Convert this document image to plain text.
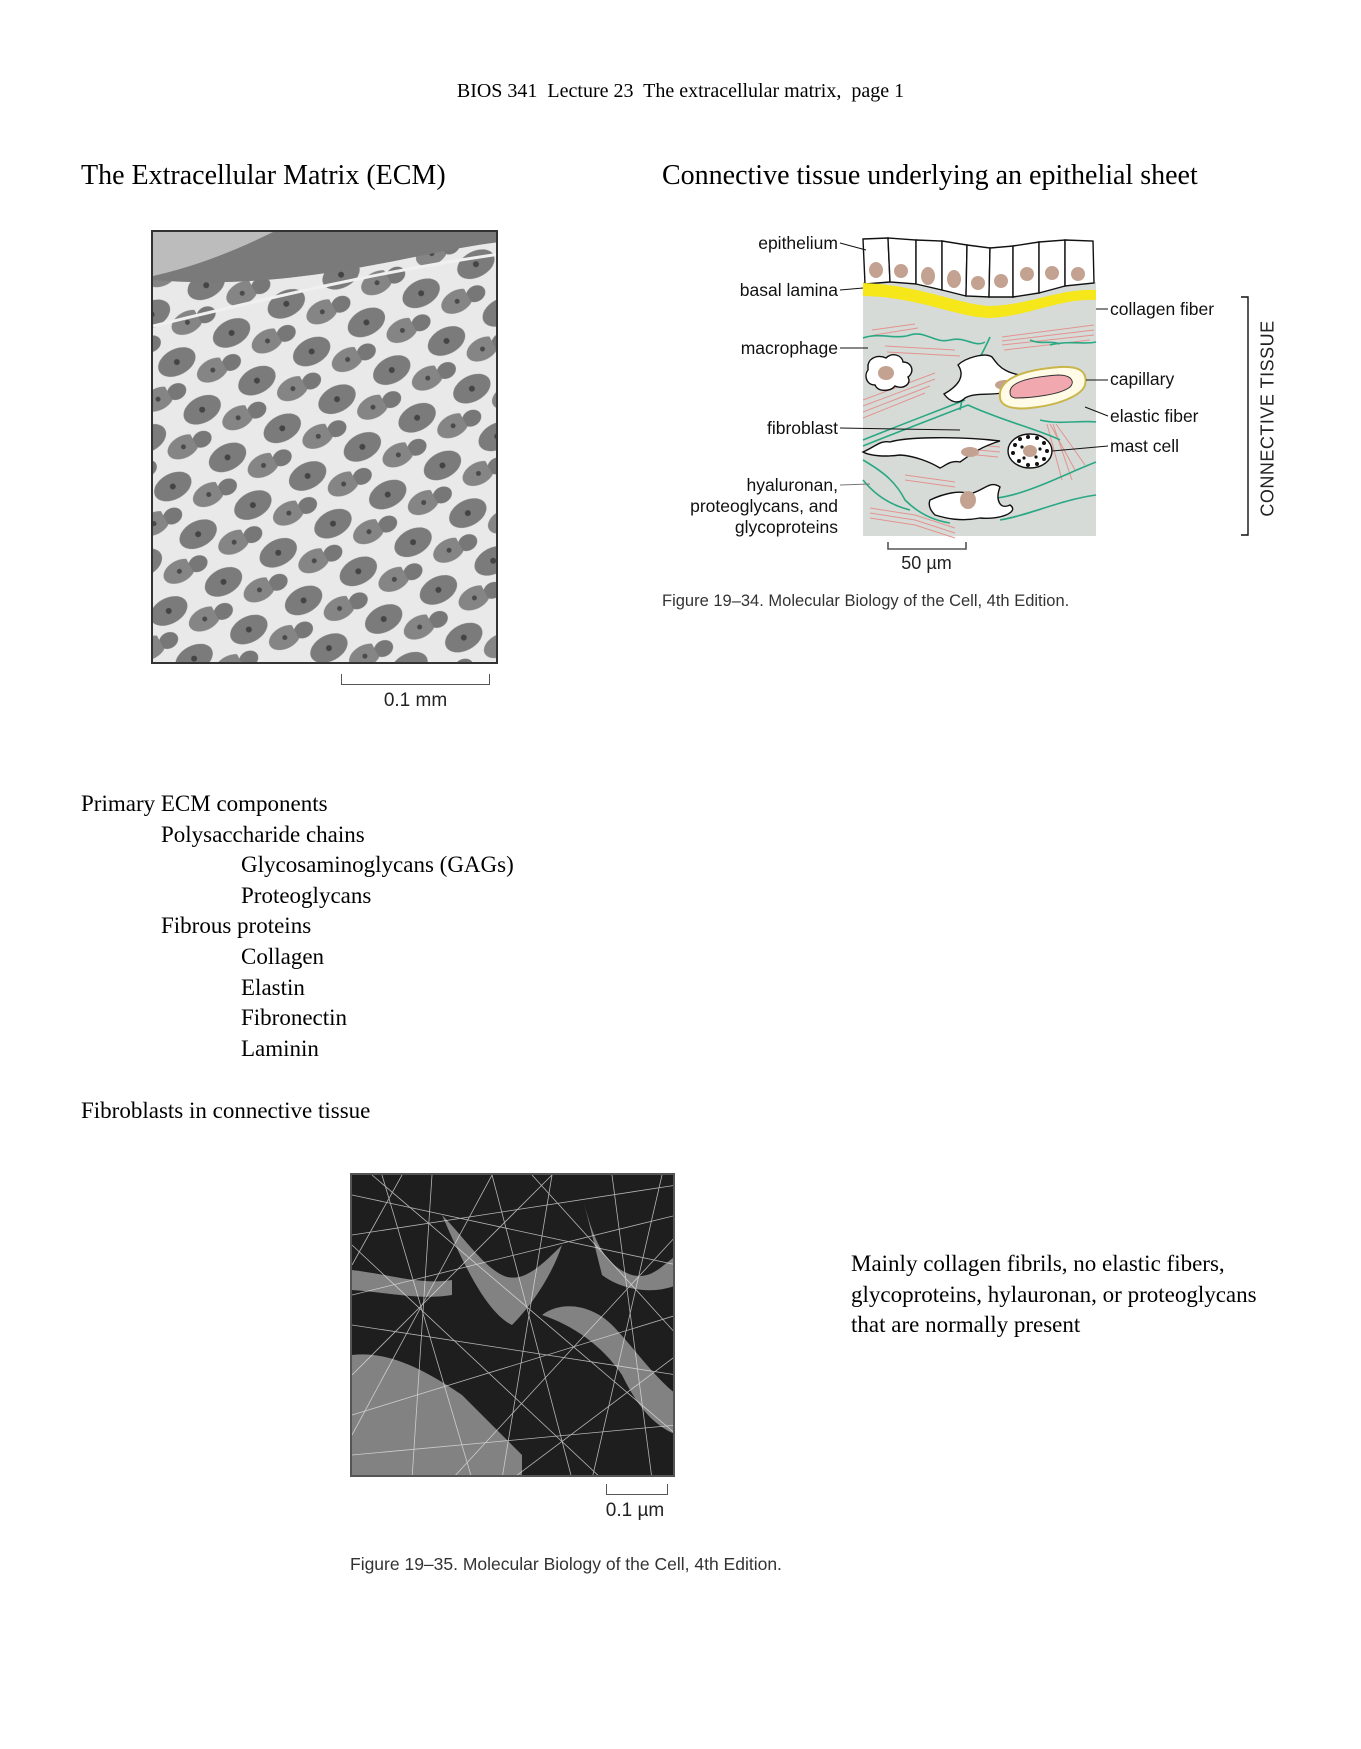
BIOS 341  Lecture 23  The extracellular matrix,  page 1
The Extracellular Matrix (ECM)
0.1 mm
Connective tissue underlying an epithelial sheet
epithelium
basal lamina
macrophage
fibroblast
hyaluronan,
proteoglycans, and
glycoproteins
collagen fiber
capillary
elastic fiber
mast cell	CONNECTIVE TISSUE
50 µm
Figure 19–34. Molecular Biology of the Cell, 4th Edition.
Primary ECM components
Polysaccharide chains
Glycosaminoglycans (GAGs)
Proteoglycans
Fibrous proteins
Collagen
Elastin
Fibronectin
Laminin
Fibroblasts in connective tissue
0.1 µm
Figure 19–35. Molecular Biology of the Cell, 4th Edition.
Mainly collagen fibrils, no elastic fibers, glycoproteins, hylauronan, or proteoglycans that are normally present
